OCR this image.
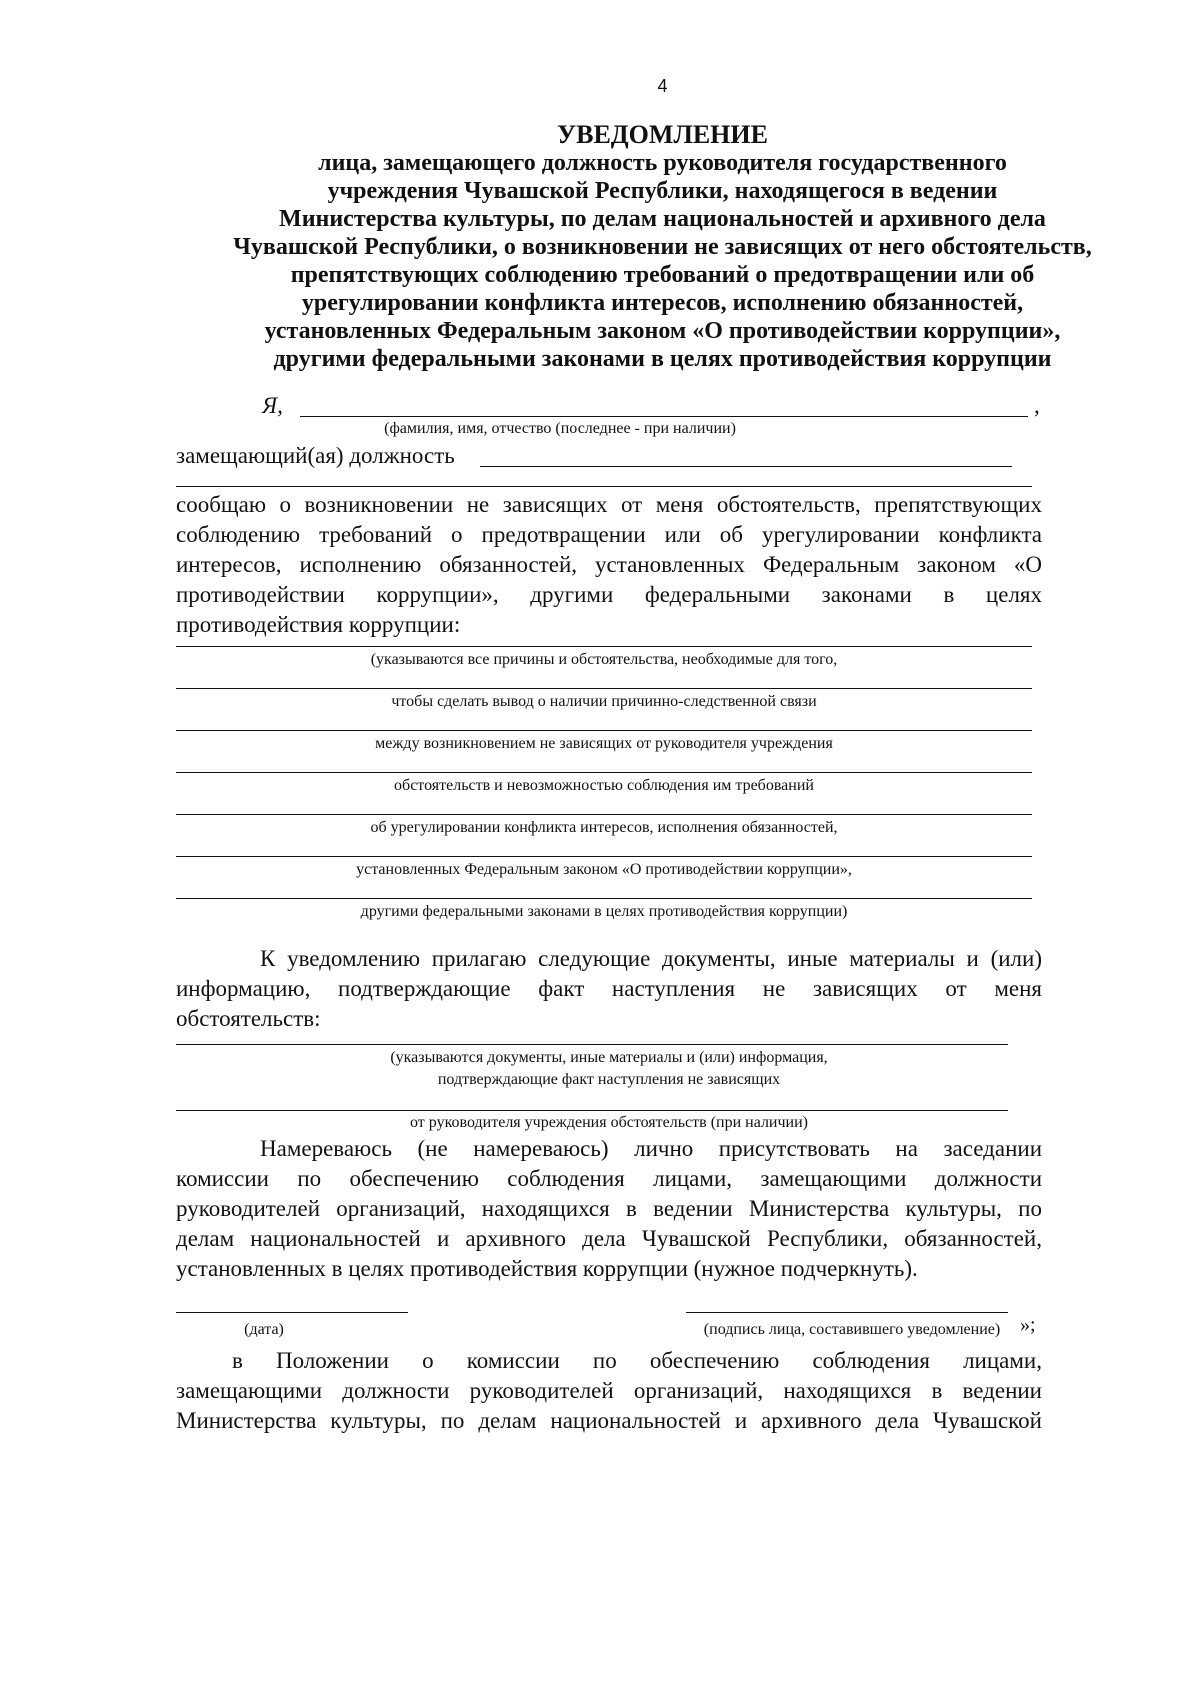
4
УВЕДОМЛЕНИЕ
лица, замещающего должность руководителя государственного
учреждения Чувашской Республики, находящегося в ведении
Министерства культуры, по делам национальностей и архивного дела
Чувашской Республики, о возникновении не зависящих от него обстоятельств,
препятствующих соблюдению требований о предотвращении или об
урегулировании конфликта интересов, исполнению обязанностей,
установленных Федеральным законом «О противодействии коррупции»,
другими федеральными законами в целях противодействия коррупции
Я,	,
(фамилия, имя, отчество (последнее - при наличии)
замещающий(ая) должность
сообщаю о возникновении не зависящих от меня обстоятельств, препятствующих
соблюдению требований о предотвращении или об урегулировании конфликта
интересов, исполнению обязанностей, установленных Федеральным законом «О
противодействии коррупции», другими федеральными законами в целях
противодействия коррупции:
(указываются все причины и обстоятельства, необходимые для того,
чтобы сделать вывод о наличии причинно-следственной связи
между возникновением не зависящих от руководителя учреждения
обстоятельств и невозможностью соблюдения им требований
об урегулировании конфликта интересов, исполнения обязанностей,
установленных Федеральным законом «О противодействии коррупции»,
другими федеральными законами в целях противодействия коррупции)
К уведомлению прилагаю следующие документы, иные материалы и (или)
информацию, подтверждающие факт наступления не зависящих от меня
обстоятельств:
(указываются документы, иные материалы и (или) информация,
подтверждающие факт наступления не зависящих
от руководителя учреждения обстоятельств (при наличии)
Намереваюсь (не намереваюсь) лично присутствовать на заседании
комиссии по обеспечению соблюдения лицами, замещающими должности
руководителей организаций, находящихся в ведении Министерства культуры, по
делам национальностей и архивного дела Чувашской Республики, обязанностей,
установленных в целях противодействия коррупции (нужное подчеркнуть).
(дата)	(подпись лица, составившего уведомление) »;
в Положении о комиссии по обеспечению соблюдения лицами,
замещающими должности руководителей организаций, находящихся в ведении
Министерства культуры, по делам национальностей и архивного дела Чувашской
